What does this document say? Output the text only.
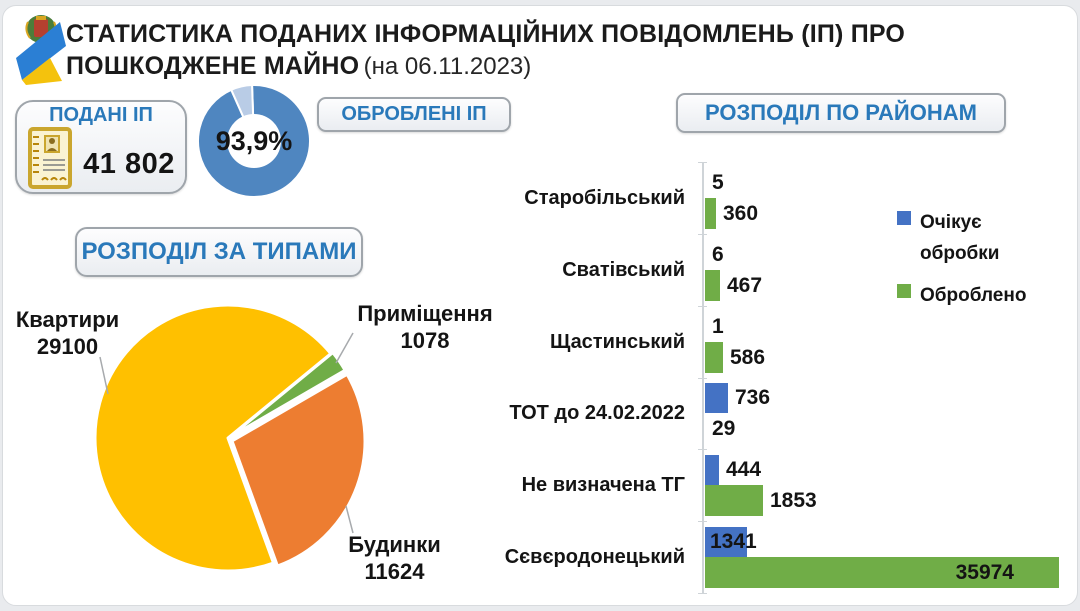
СТАТИСТИКА ПОДАНИХ ІНФОРМАЦІЙНИХ ПОВІДОМЛЕНЬ (ІП) ПРО
ПОШКОДЖЕНЕ МАЙНО (на 06.11.2023)
ПОДАНІ ІП
41 802
93,9%
ОБРОБЛЕНІ ІП
РОЗПОДІЛ ЗА ТИПАМИ
Квартири
29100
Приміщення
1078
Будинки
11624
РОЗПОДІЛ ПО РАЙОНАМ
Старобільський
5
360
Сватівський
6
467
Щастинський
1
586
ТОТ до 24.02.2022
736
29
Не визначена ТГ
444
1853
Сєвєродонецький
1341
35974
Очікує обробки
Оброблено
